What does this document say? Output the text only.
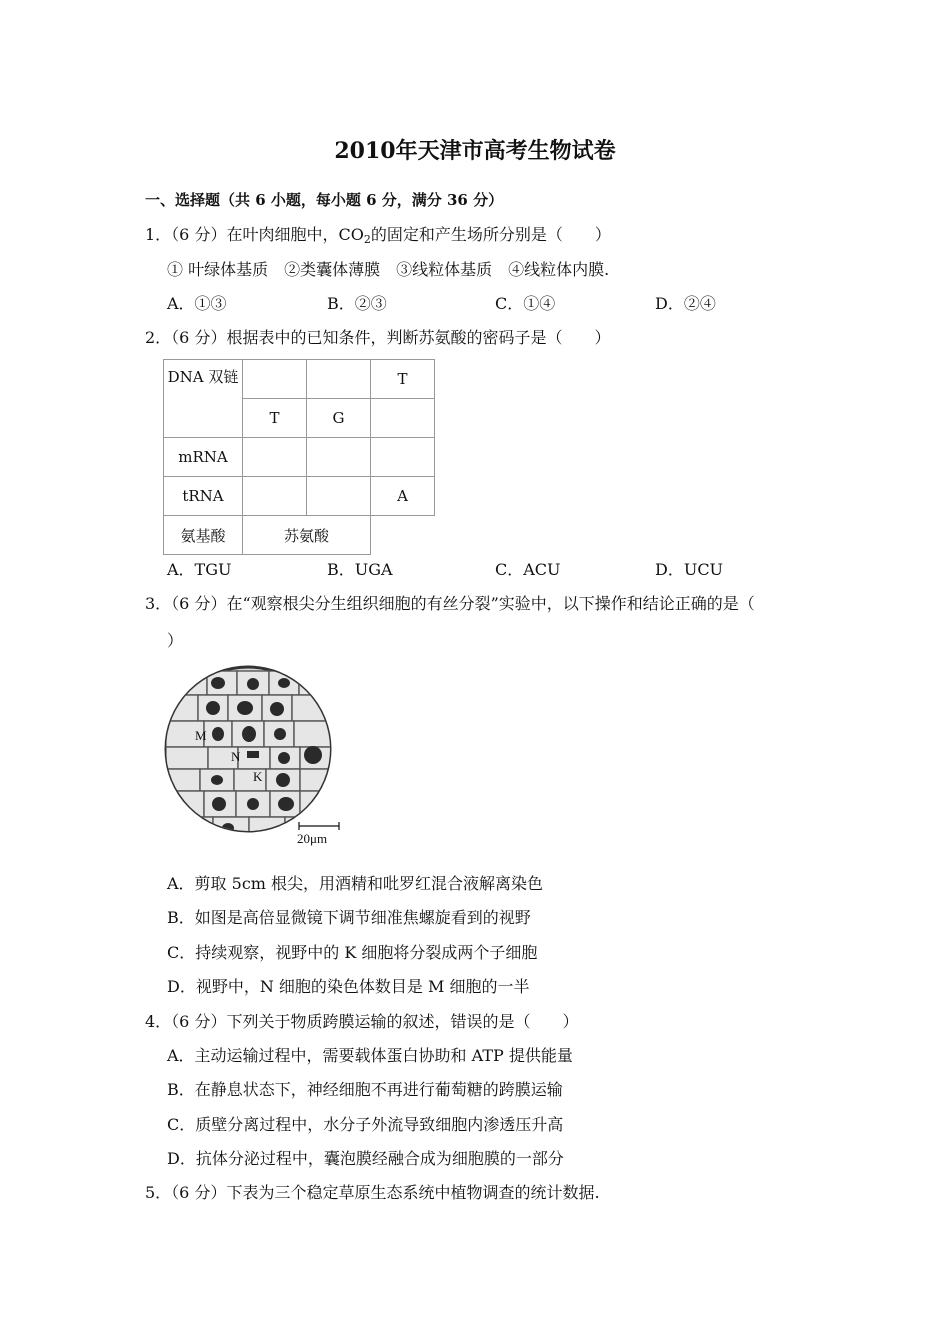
2010年天津市高考生物试卷
一、选择题（共 6 小题，每小题 6 分，满分 36 分）
1．（6 分）在叶肉细胞中，$CO_2$的固定和产生场所分别是（　　）
① 叶绿体基质　②类囊体薄膜　③线粒体基质　④线粒体内膜.
A．①③	B．②③	C．①④	D．②④
2．（6 分）根据表中的已知条件，判断苏氨酸的密码子是（　　）
DNA 双链			T
	T	G	
mRNA			
tRNA			A
氨基酸	苏氨酸		
A．TGU	B．UGA	C．ACU	D．UCU
3．（6 分）在“观察根尖分生组织细胞的有丝分裂”实验中，以下操作和结论正确的是（
）
M
N
K
20μm
A．剪取 5cm 根尖，用酒精和吡罗红混合液解离染色
B．如图是高倍显微镜下调节细准焦螺旋看到的视野
C．持续观察，视野中的 K 细胞将分裂成两个子细胞
D．视野中，N 细胞的染色体数目是 M 细胞的一半
4．（6 分）下列关于物质跨膜运输的叙述，错误的是（　　）
A．主动运输过程中，需要载体蛋白协助和 ATP 提供能量
B．在静息状态下，神经细胞不再进行葡萄糖的跨膜运输
C．质壁分离过程中，水分子外流导致细胞内渗透压升高
D．抗体分泌过程中，囊泡膜经融合成为细胞膜的一部分
5．（6 分）下表为三个稳定草原生态系统中植物调查的统计数据.
